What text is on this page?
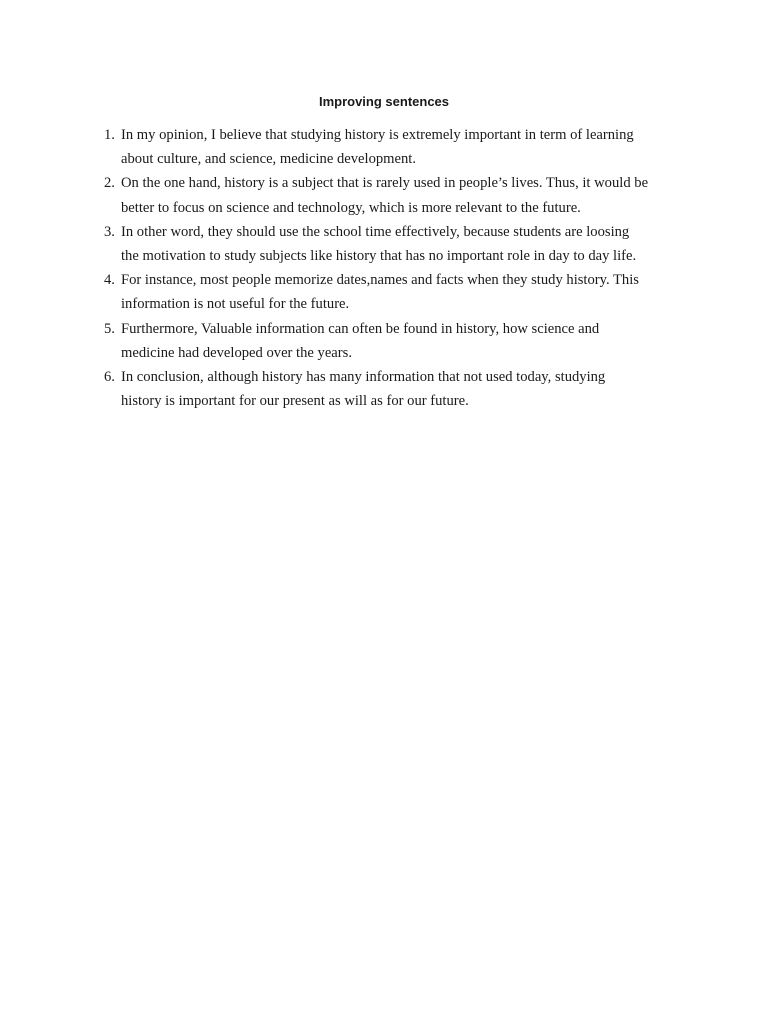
Improving sentences
1. In my opinion, I believe that studying history is extremely important in term of learning about culture, and science, medicine development.
2. On the one hand, history is a subject that is rarely used in people’s lives. Thus, it would be better to focus on science and technology, which is more relevant to the future.
3. In other word, they should use the school time effectively, because students are loosing the motivation to study subjects like history that has no important role in day to day life.
4. For instance, most people memorize dates,names and facts when they study history. This information is not useful for the future.
5. Furthermore, Valuable information can often be found in history, how science and medicine had developed over the years.
6. In conclusion, although history has many information that not used today, studying history is important for our present as will as for our future.
